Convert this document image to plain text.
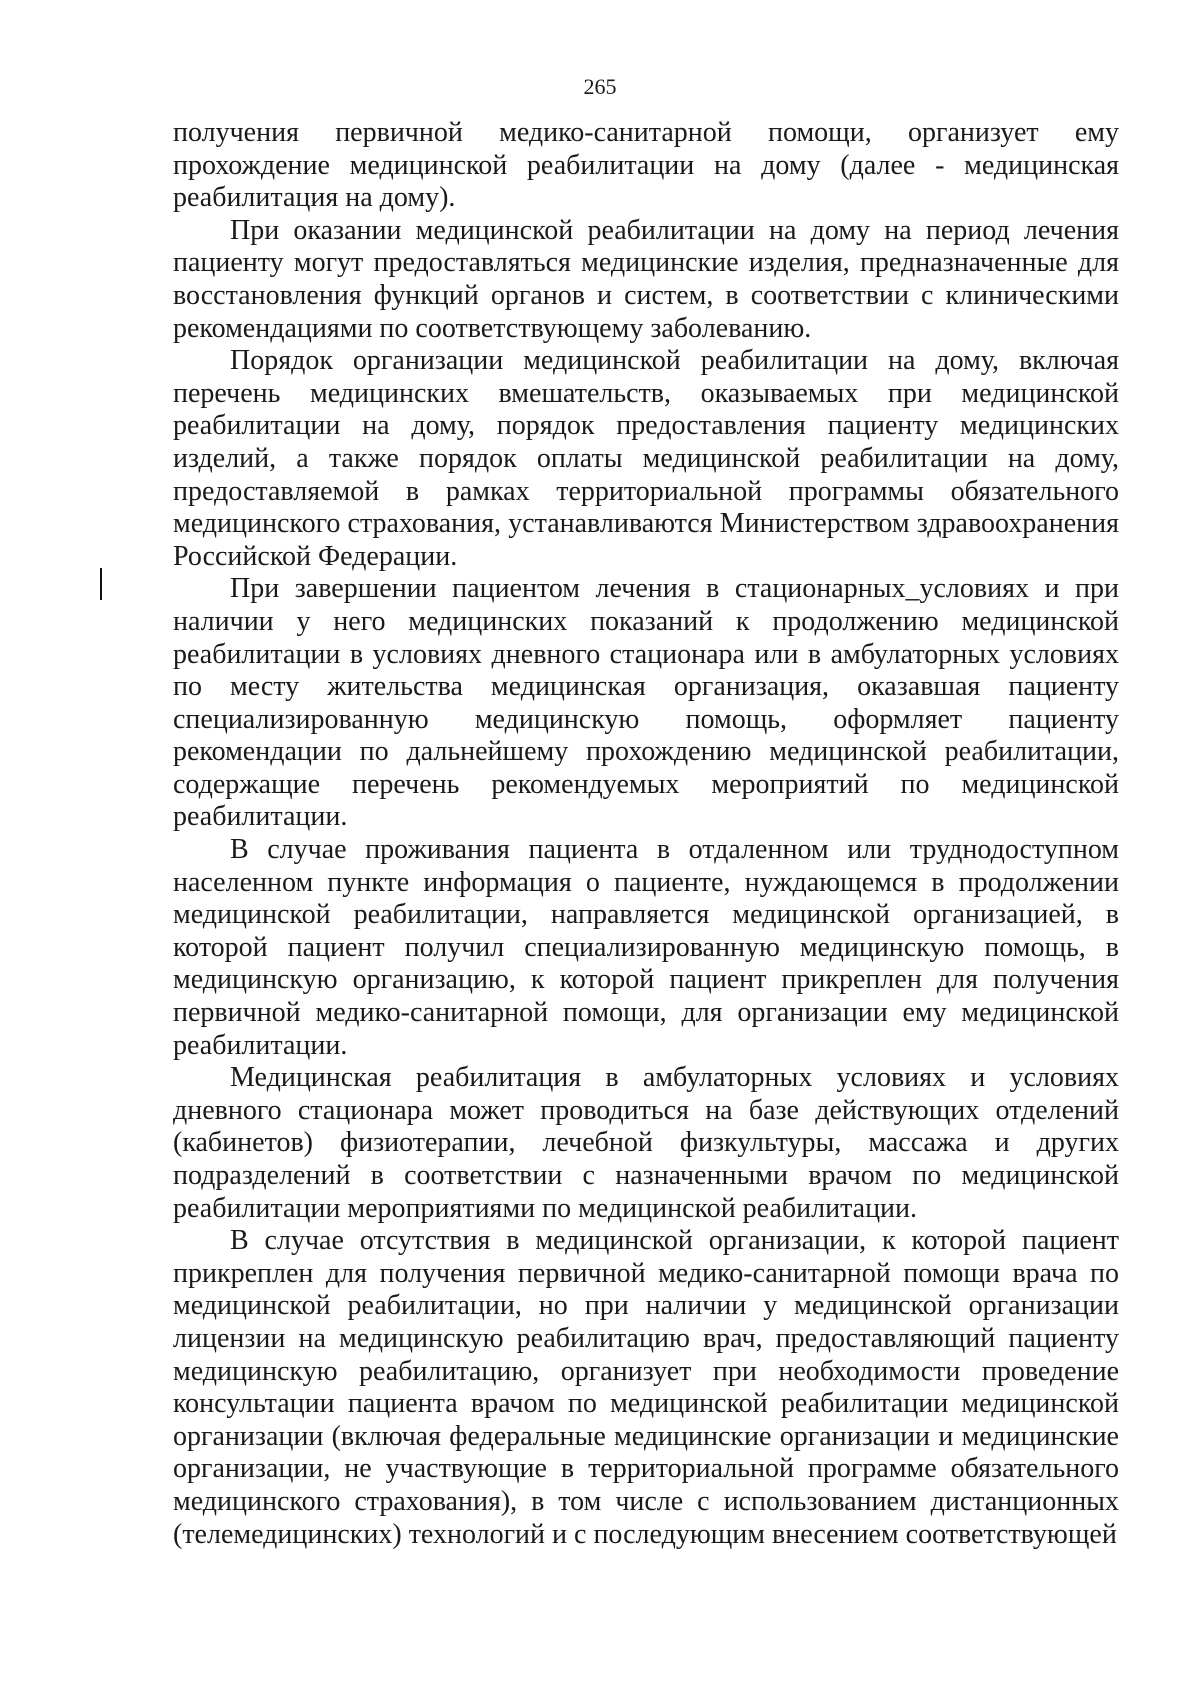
265

получения первичной медико-санитарной помощи, организует ему прохождение медицинской реабилитации на дому (далее - медицинская реабилитация на дому).

При оказании медицинской реабилитации на дому на период лечения пациенту могут предоставляться медицинские изделия, предназначенные для восстановления функций органов и систем, в соответствии с клиническими рекомендациями по соответствующему заболеванию.

Порядок организации медицинской реабилитации на дому, включая перечень медицинских вмешательств, оказываемых при медицинской реабилитации на дому, порядок предоставления пациенту медицинских изделий, а также порядок оплаты медицинской реабилитации на дому, предоставляемой в рамках территориальной программы обязательного медицинского страхования, устанавливаются Министерством здравоохранения Российской Федерации.

При завершении пациентом лечения в стационарных_условиях и при наличии у него медицинских показаний к продолжению медицинской реабилитации в условиях дневного стационара или в амбулаторных условиях по месту жительства медицинская организация, оказавшая пациенту специализированную медицинскую помощь, оформляет пациенту рекомендации по дальнейшему прохождению медицинской реабилитации, содержащие перечень рекомендуемых мероприятий по медицинской реабилитации.

В случае проживания пациента в отдаленном или труднодоступном населенном пункте информация о пациенте, нуждающемся в продолжении медицинской реабилитации, направляется медицинской организацией, в которой пациент получил специализированную медицинскую помощь, в медицинскую организацию, к которой пациент прикреплен для получения первичной медико-санитарной помощи, для организации ему медицинской реабилитации.

Медицинская реабилитация в амбулаторных условиях и условиях дневного стационара может проводиться на базе действующих отделений (кабинетов) физиотерапии, лечебной физкультуры, массажа и других подразделений в соответствии с назначенными врачом по медицинской реабилитации мероприятиями по медицинской реабилитации.

В случае отсутствия в медицинской организации, к которой пациент прикреплен для получения первичной медико-санитарной помощи врача по медицинской реабилитации, но при наличии у медицинской организации лицензии на медицинскую реабилитацию врач, предоставляющий пациенту медицинскую реабилитацию, организует при необходимости проведение консультации пациента врачом по медицинской реабилитации медицинской организации (включая федеральные медицинские организации и медицинские организации, не участвующие в территориальной программе обязательного медицинского страхования), в том числе с использованием дистанционных (телемедицинских) технологий и с последующим внесением соответствующей
